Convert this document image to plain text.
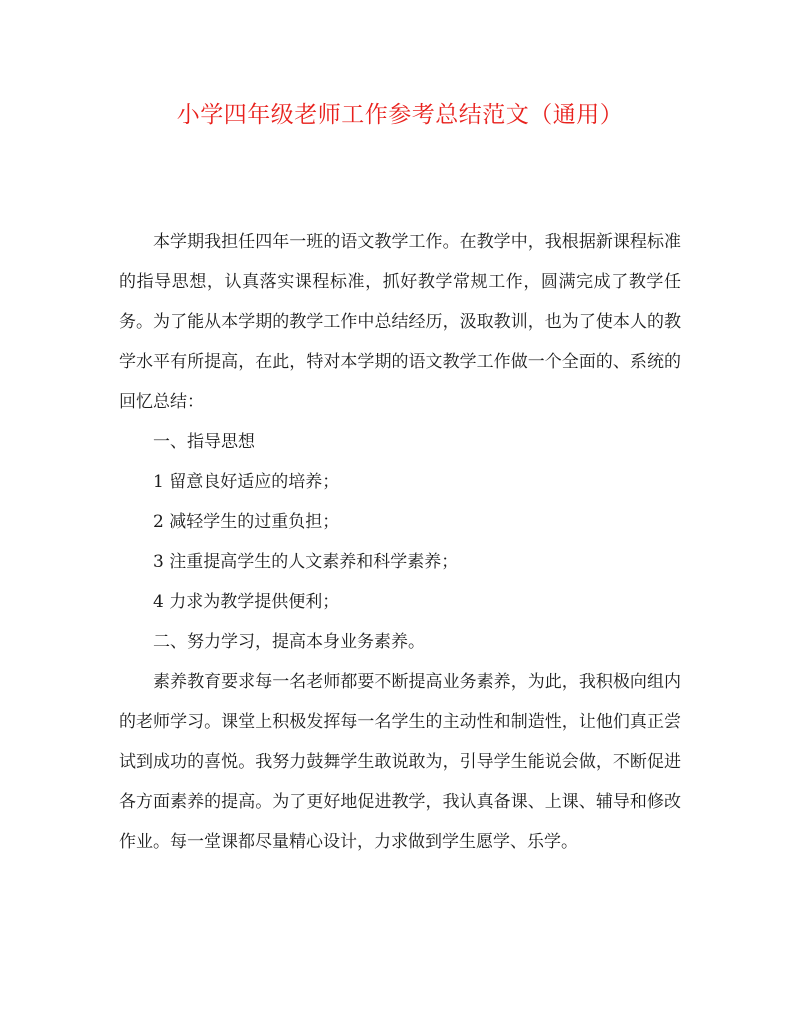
小学四年级老师工作参考总结范文（通用）

本学期我担任四年一班的语文教学工作。在教学中，我根据新课程标准的指导思想，认真落实课程标准，抓好教学常规工作，圆满完成了教学任务。为了能从本学期的教学工作中总结经历，汲取教训，也为了使本人的教学水平有所提高，在此，特对本学期的语文教学工作做一个全面的、系统的回忆总结：

一、指导思想

1 留意良好适应的培养；

2 减轻学生的过重负担；

3 注重提高学生的人文素养和科学素养；

4 力求为教学提供便利；

二、努力学习，提高本身业务素养。

素养教育要求每一名老师都要不断提高业务素养，为此，我积极向组内的老师学习。课堂上积极发挥每一名学生的主动性和制造性，让他们真正尝试到成功的喜悦。我努力鼓舞学生敢说敢为，引导学生能说会做，不断促进各方面素养的提高。为了更好地促进教学，我认真备课、上课、辅导和修改作业。每一堂课都尽量精心设计，力求做到学生愿学、乐学。
